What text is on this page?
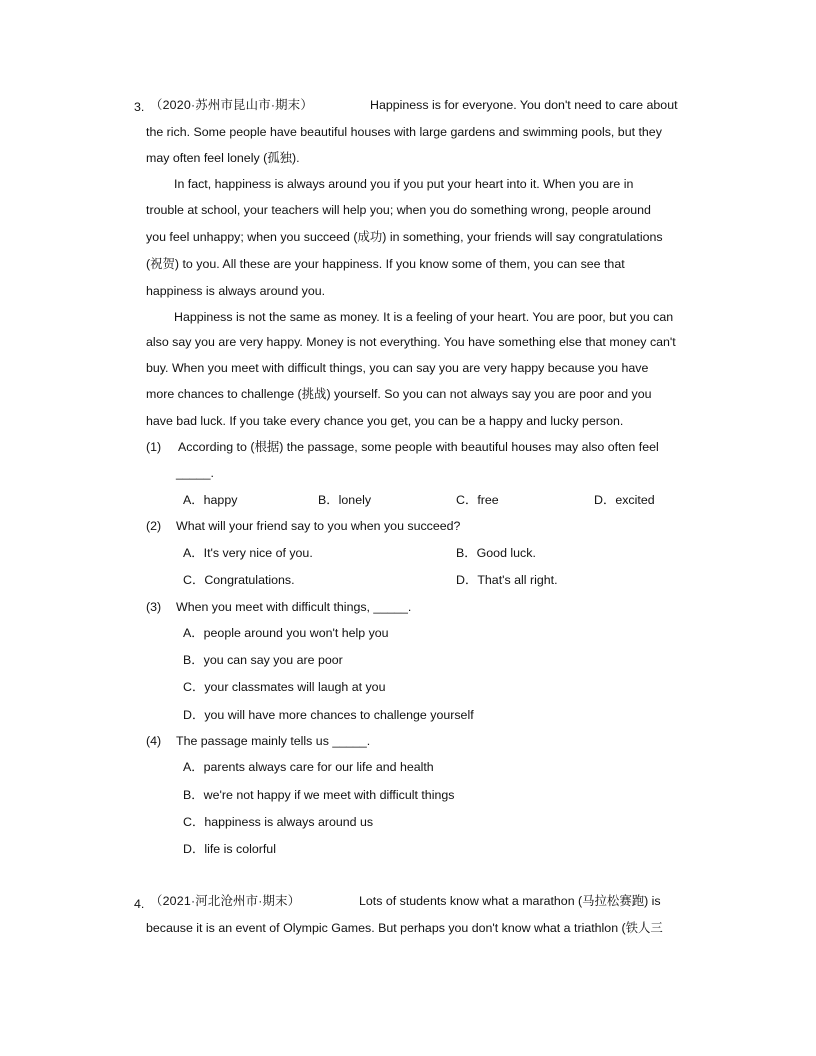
3. （2020·苏州市昆山市·期末）	Happiness is for everyone. You don't need to care about
the rich. Some people have beautiful houses with large gardens and swimming pools, but they
may often feel lonely (孤独).
In fact, happiness is always around you if you put your heart into it. When you are in
trouble at school, your teachers will help you; when you do something wrong, people around
you feel unhappy; when you succeed (成功) in something, your friends will say congratulations
(祝贺) to you. All these are your happiness. If you know some of them, you can see that
happiness is always around you.
Happiness is not the same as money. It is a feeling of your heart. You are poor, but you can
also say you are very happy. Money is not everything. You have something else that money can't
buy. When you meet with difficult things, you can say you are very happy because you have
more chances to challenge (挑战) yourself. So you can not always say you are poor and you
have bad luck. If you take every chance you get, you can be a happy and lucky person.
(1) According to (根据) the passage, some people with beautiful houses may also often feel
_____.
A．happy	B．lonely	C．free	D．excited
(2) What will your friend say to you when you succeed?
A．It's very nice of you.	B．Good luck.
C．Congratulations.	D．That's all right.
(3) When you meet with difficult things, _____.
A．people around you won't help you
B．you can say you are poor
C．your classmates will laugh at you
D．you will have more chances to challenge yourself
(4) The passage mainly tells us _____.
A．parents always care for our life and health
B．we're not happy if we meet with difficult things
C．happiness is always around us
D．life is colorful
4. （2021·河北沧州市·期末）	Lots of students know what a marathon (马拉松赛跑) is
because it is an event of Olympic Games. But perhaps you don't know what a triathlon (铁人三
